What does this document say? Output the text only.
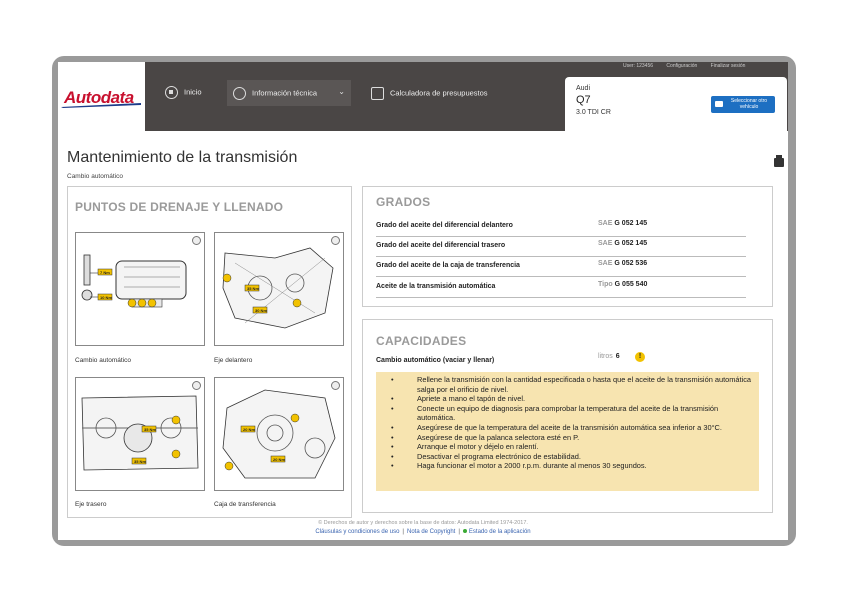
Autodata	Inicio	Información técnica	⌄	Calculadora de presupuestos
User: 123456	Configuración	Finalizar sesión
Audi
Q7
3.0 TDI CR
Seleccionar otro vehículo
Mantenimiento de la transmisión
Cambio automático
PUNTOS DE DRENAJE Y LLENADO
7 Nm
10 Nm
35 Nm
30 Nm
Cambio automático	Eje delantero
35 Nm
35 Nm
20 Nm
20 Nm
Eje trasero	Caja de transferencia
GRADOS
Grado del aceite del diferencial delantero	SAE G 052 145
Grado del aceite del diferencial trasero	SAE G 052 145
Grado del aceite de la caja de transferencia	SAE G 052 536
Aceite de la transmisión automática	Tipo G 055 540
CAPACIDADES
Cambio automático (vaciar y llenar)
litros 6	!
• Rellene la transmisión con la cantidad especificada o hasta que el aceite de la transmisión automática salga por el orificio de nivel.
• Apriete a mano el tapón de nivel.
• Conecte un equipo de diagnosis para comprobar la temperatura del aceite de la transmisión automática.
• Asegúrese de que la temperatura del aceite de la transmisión automática sea inferior a 30°C.
• Asegúrese de que la palanca selectora esté en P.
• Arranque el motor y déjelo en ralentí.
• Desactivar el programa electrónico de estabilidad.
• Haga funcionar el motor a 2000 r.p.m. durante al menos 30 segundos.
© Derechos de autor y derechos sobre la base de datos: Autodata Limited 1974-2017.
Cláusulas y condiciones de uso | Nota de Copyright | Estado de la aplicación
